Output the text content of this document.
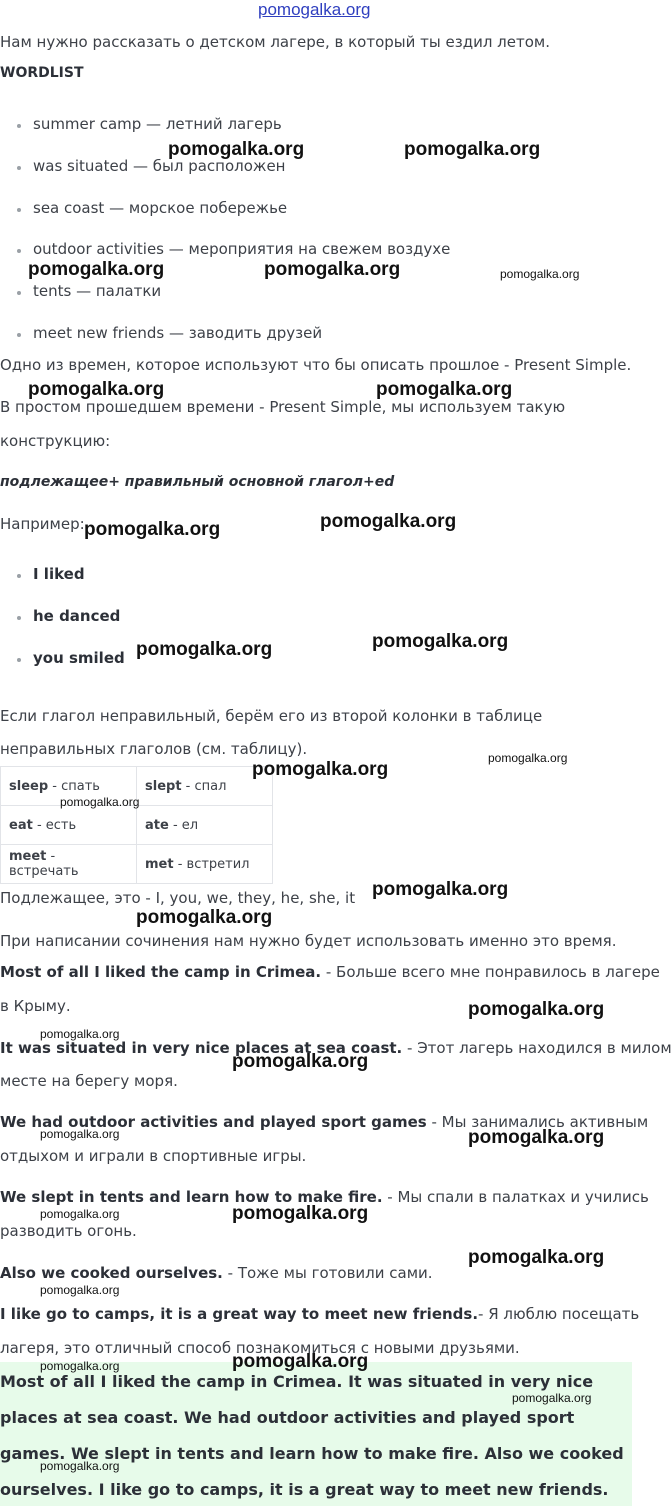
pomogalka.org
Нам нужно рассказать о детском лагере, в который ты ездил летом.
WORDLIST
summer camp — летний лагерь
was situated — был расположен
sea coast — морское побережье
outdoor activities — мероприятия на свежем воздухе
tents — палатки
meet new friends — заводить друзей
Одно из времен, которое используют что бы описать прошлое - Present Simple.
В простом прошедшем времени - Present Simple, мы используем такую
конструкцию:
подлежащее+ правильный основной глагол+ed
Например:
I liked
he danced
you smiled
Если глагол неправильный, берём его из второй колонки в таблице
неправильных глаголов (см. таблицу).
sleep - спать	slept - спал
eat - есть	ate - ел
meet - встречать	met - встретил
Подлежащее, это - I, you, we, they, he, she, it
При написании сочинения нам нужно будет использовать именно это время.
Most of all I liked the camp in Crimea. - Больше всего мне понравилось в лагере
в Крыму.
It was situated in very nice places at sea coast. - Этот лагерь находился в милом
месте на берегу моря.
We had outdoor activities and played sport games - Мы занимались активным
отдыхом и играли в спортивные игры.
We slept in tents and learn how to make fire. - Мы спали в палатках и учились
разводить огонь.
Also we cooked ourselves. - Тоже мы готовили сами.
I like go to camps, it is a great way to meet new friends.- Я люблю посещать
лагеря, это отличный способ познакомиться с новыми друзьями.
Most of all I liked the camp in Crimea. It was situated in very nice places at sea coast. We had outdoor activities and played sport games. We slept in tents and learn how to make fire. Also we cooked ourselves. I like go to camps, it is a great way to meet new friends.
pomogalka.org	pomogalka.org
pomogalka.org	pomogalka.org	pomogalka.org
pomogalka.org	pomogalka.org
pomogalka.org	pomogalka.org
pomogalka.org	pomogalka.org
pomogalka.org
pomogalka.org
pomogalka.org
pomogalka.org
pomogalka.org
pomogalka.org
pomogalka.org
pomogalka.org
pomogalka.org	pomogalka.org
pomogalka.org	pomogalka.org
pomogalka.org
pomogalka.org
pomogalka.org	pomogalka.org
pomogalka.org
pomogalka.org
